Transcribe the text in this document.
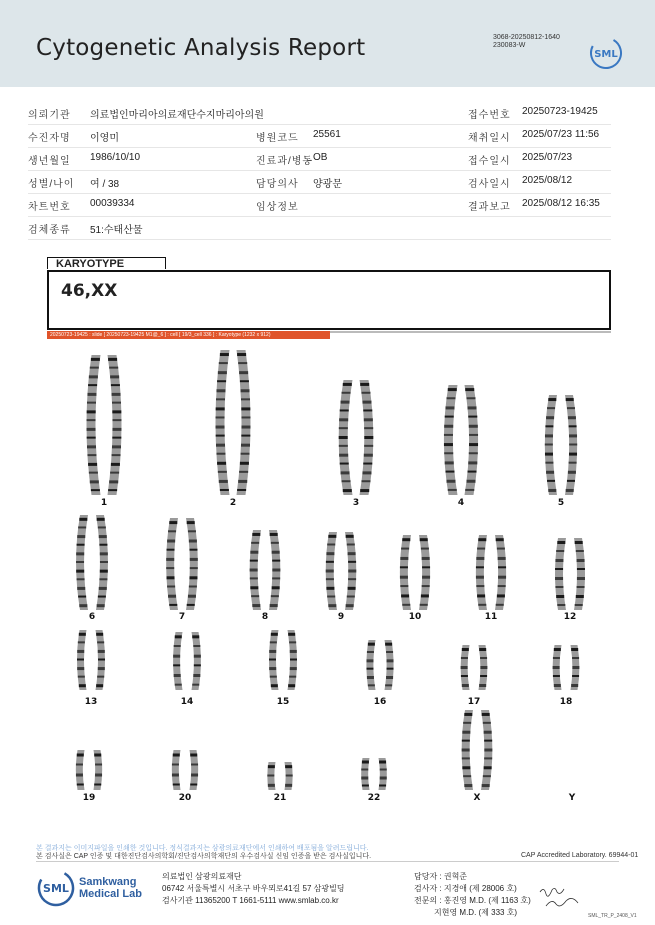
Cytogenetic Analysis Report	3068-20250812-1640
230083-W
SML
의뢰기관 의료법인마리아의료재단수지마리아의원	접수번호 20250723-19425
수진자명 이영미	병원코드 25561	채취일시 2025/07/23 11:56
생년월일 1986/10/10	진료과/병동 OB	접수일시 2025/07/23
성별/나이 여 / 38	담당의사 양광문	검사일시 2025/08/12
차트번호 00039334	임상정보	결과보고 2025/08/12 16:35
검체종류 51:수태산물
KARYOTYPE
46,XX
20250723-19425 : slide [ 20250723-19425 M1@_6 ] : cell [ 19/3_cell 336 ] : Karyotype (1232 x 912)
1	2	3	4	5
6	7	8	9	10	11	12
13	14	15	16	17	18
19	20	21	22	X	Y
본 결과지는 이미지파일을 인쇄한 것입니다. 정식결과지는 삼광의료재단에서 인쇄하여 배포됨을 알려드립니다.
본 검사실은 CAP 인증 및 대한진단검사의학회/진단검사의학재단의 우수검사실 신임 인증을 받은 검사실입니다.	CAP Accredited Laboratory. 69944-01
SML Samkwang
Medical Lab
의료법인 삼광의료재단
06742 서울특별시 서초구 바우뫼로41길 57 삼광빌딩
검사기관 11365200 T 1661-5111 www.smlab.co.kr
담당자 : 권혁준
검사자 : 지경애 (제 28006 호)
전문의 : 홍진영 M.D. (제 1163 호)
지현영 M.D. (제 333 호)	SML_TR_P_2408_V1
